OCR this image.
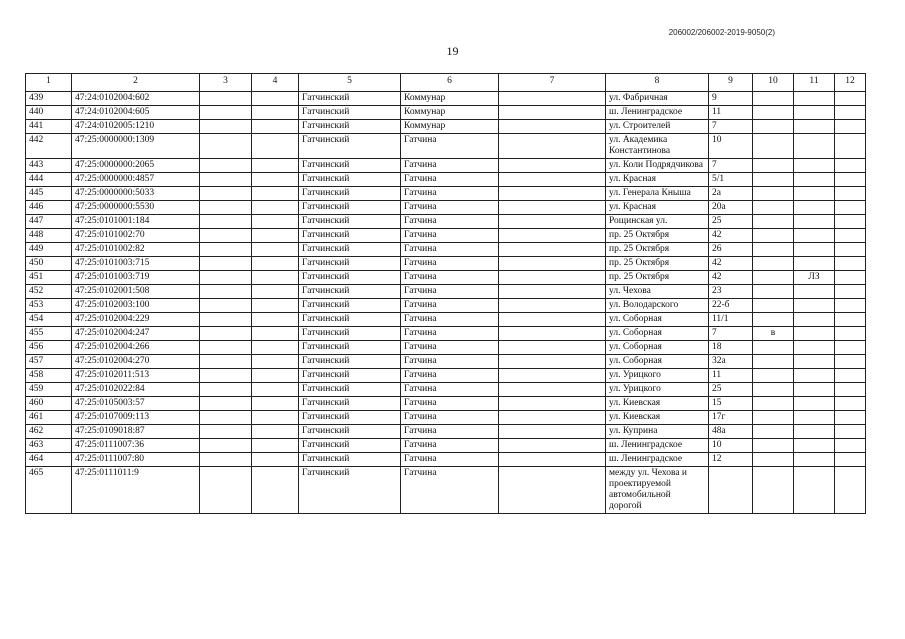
206002/206002-2019-9050(2)
19
1	2	3	4	5	6	7	8	9	10	11	12
439	47:24:0102004:602			Гатчинский	Коммунар		ул. Фабричная	9			
440	47:24:0102004:605			Гатчинский	Коммунар		ш. Ленинградское	11			
441	47:24:0102005:1210			Гатчинский	Коммунар		ул. Строителей	7			
442	47:25:0000000:1309			Гатчинский	Гатчина		ул. Академика Константинова	10			
443	47:25:0000000:2065			Гатчинский	Гатчина		ул. Коли Подрядчикова	7			
444	47:25:0000000:4857			Гатчинский	Гатчина		ул. Красная	5/1			
445	47:25:0000000:5033			Гатчинский	Гатчина		ул. Генерала Кныша	2а			
446	47:25:0000000:5530			Гатчинский	Гатчина		ул. Красная	20а			
447	47:25:0101001:184			Гатчинский	Гатчина		Рощинская ул.	25			
448	47:25:0101002:70			Гатчинский	Гатчина		пр. 25 Октября	42			
449	47:25:0101002:82			Гатчинский	Гатчина		пр. 25 Октября	26			
450	47:25:0101003:715			Гатчинский	Гатчина		пр. 25 Октября	42			
451	47:25:0101003:719			Гатчинский	Гатчина		пр. 25 Октября	42		ЛЗ	
452	47:25:0102001:508			Гатчинский	Гатчина		ул. Чехова	23			
453	47:25:0102003:100			Гатчинский	Гатчина		ул. Володарского	22-б			
454	47:25:0102004:229			Гатчинский	Гатчина		ул. Соборная	11/1			
455	47:25:0102004:247			Гатчинский	Гатчина		ул. Соборная	7	в		
456	47:25:0102004:266			Гатчинский	Гатчина		ул. Соборная	18			
457	47:25:0102004:270			Гатчинский	Гатчина		ул. Соборная	32а			
458	47:25:0102011:513			Гатчинский	Гатчина		ул. Урицкого	11			
459	47:25:0102022:84			Гатчинский	Гатчина		ул. Урицкого	25			
460	47:25:0105003:57			Гатчинский	Гатчина		ул. Киевская	15			
461	47:25:0107009:113			Гатчинский	Гатчина		ул. Киевская	17г			
462	47:25:0109018:87			Гатчинский	Гатчина		ул. Куприна	48а			
463	47:25:0111007:36			Гатчинский	Гатчина		ш. Ленинградское	10			
464	47:25:0111007:80			Гатчинский	Гатчина		ш. Ленинградское	12			
465	47:25:0111011:9			Гатчинский	Гатчина		между ул. Чехова и проектируемой автомобильной дорогой				
